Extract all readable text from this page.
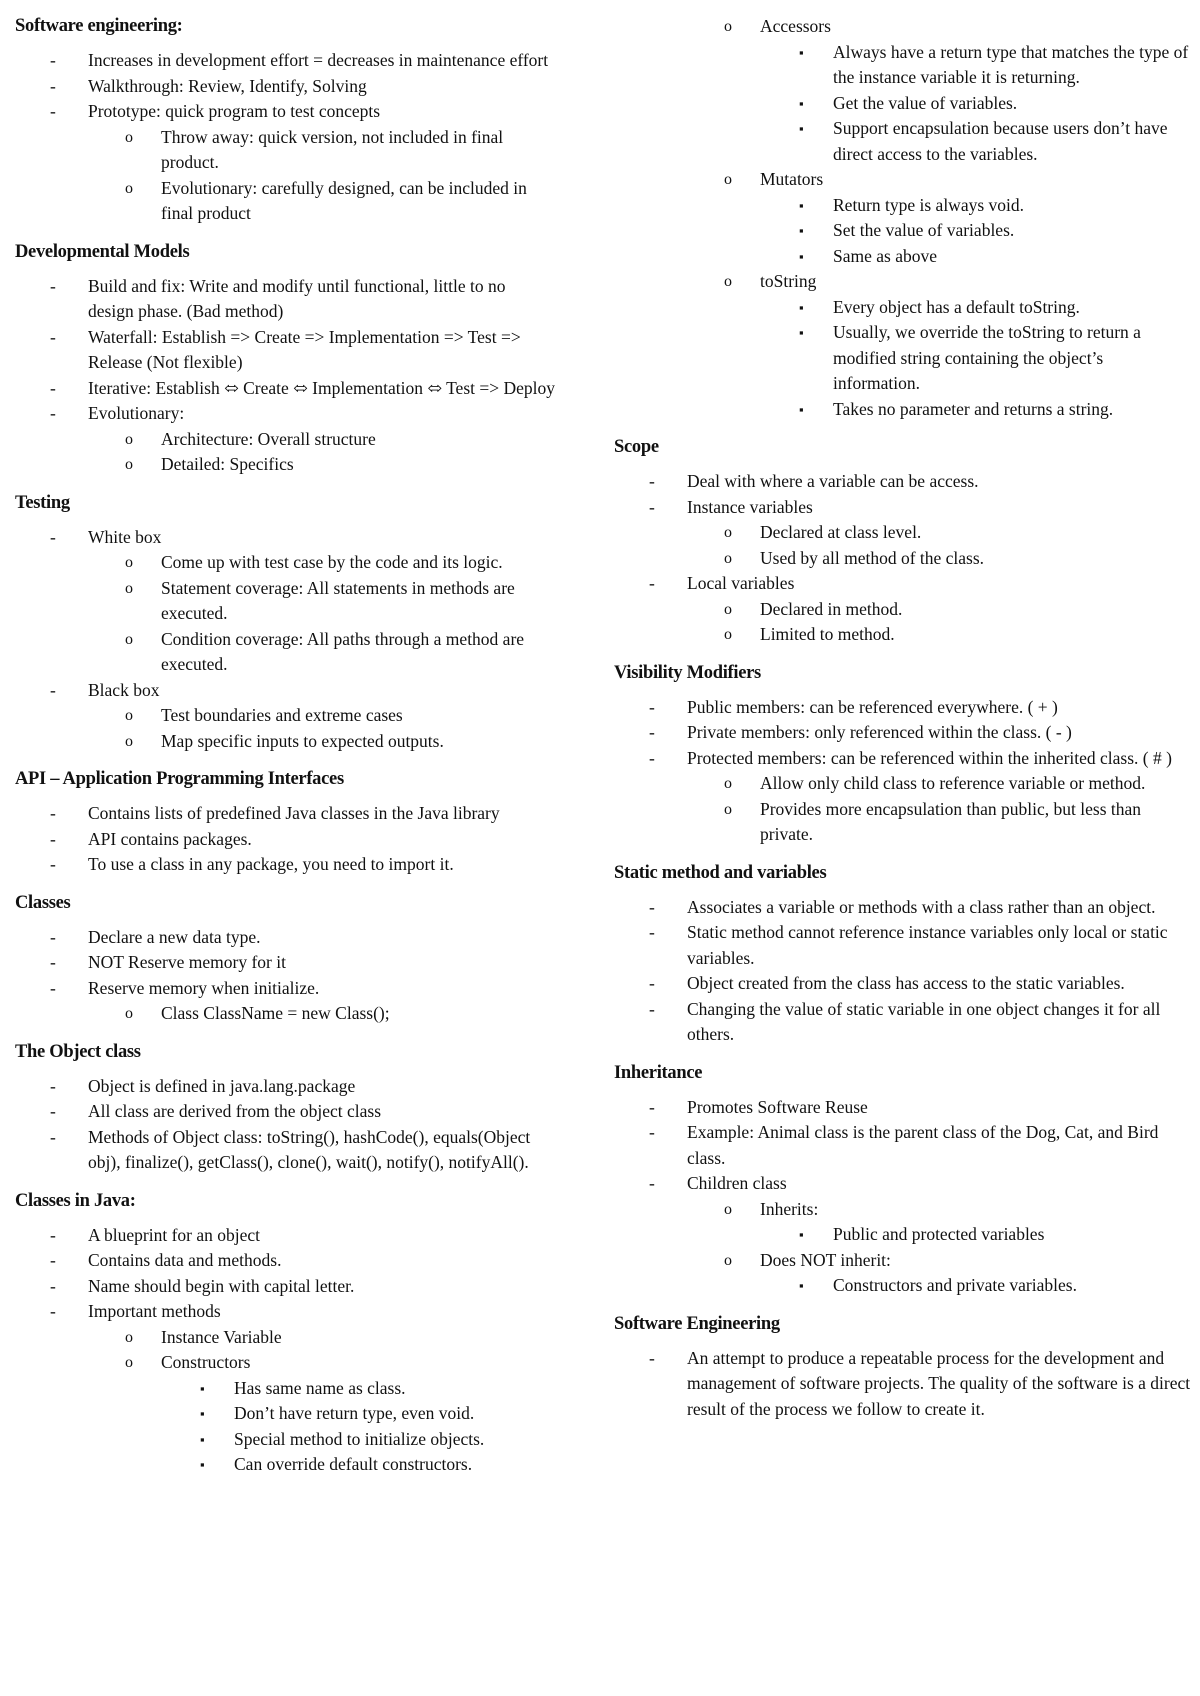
Software engineering:
- Increases in development effort = decreases in maintenance effort
- Walkthrough: Review, Identify, Solving
- Prototype: quick program to test concepts
o Throw away: quick version, not included in final product.
o Evolutionary: carefully designed, can be included in final product
Developmental Models
- Build and fix: Write and modify until functional, little to no design phase. (Bad method)
- Waterfall: Establish => Create => Implementation => Test => Release (Not flexible)
- Iterative: Establish ⬄ Create ⬄ Implementation ⬄ Test => Deploy
- Evolutionary:
o Architecture: Overall structure
o Detailed: Specifics
Testing
- White box
o Come up with test case by the code and its logic.
o Statement coverage: All statements in methods are executed.
o Condition coverage: All paths through a method are executed.
- Black box
o Test boundaries and extreme cases
o Map specific inputs to expected outputs.
API – Application Programming Interfaces
- Contains lists of predefined Java classes in the Java library
- API contains packages.
- To use a class in any package, you need to import it.
Classes
- Declare a new data type.
- NOT Reserve memory for it
- Reserve memory when initialize.
o Class ClassName = new Class();
The Object class
- Object is defined in java.lang.package
- All class are derived from the object class
- Methods of Object class: toString(), hashCode(), equals(Object obj), finalize(), getClass(), clone(), wait(), notify(), notifyAll().
Classes in Java:
- A blueprint for an object
- Contains data and methods.
- Name should begin with capital letter.
- Important methods
o Instance Variable
o Constructors
▪ Has same name as class.
▪ Don’t have return type, even void.
▪ Special method to initialize objects.
▪ Can override default constructors.
o Accessors
▪ Always have a return type that matches the type of the instance variable it is returning.
▪ Get the value of variables.
▪ Support encapsulation because users don’t have direct access to the variables.
o Mutators
▪ Return type is always void.
▪ Set the value of variables.
▪ Same as above
o toString
▪ Every object has a default toString.
▪ Usually, we override the toString to return a modified string containing the object’s information.
▪ Takes no parameter and returns a string.
Scope
- Deal with where a variable can be access.
- Instance variables
o Declared at class level.
o Used by all method of the class.
- Local variables
o Declared in method.
o Limited to method.
Visibility Modifiers
- Public members: can be referenced everywhere. ( + )
- Private members: only referenced within the class. ( - )
- Protected members: can be referenced within the inherited class. ( # )
o Allow only child class to reference variable or method.
o Provides more encapsulation than public, but less than private.
Static method and variables
- Associates a variable or methods with a class rather than an object.
- Static method cannot reference instance variables only local or static variables.
- Object created from the class has access to the static variables.
- Changing the value of static variable in one object changes it for all others.
Inheritance
- Promotes Software Reuse
- Example: Animal class is the parent class of the Dog, Cat, and Bird class.
- Children class
o Inherits:
▪ Public and protected variables
o Does NOT inherit:
▪ Constructors and private variables.
Software Engineering
- An attempt to produce a repeatable process for the development and management of software projects. The quality of the software is a direct result of the process we follow to create it.
